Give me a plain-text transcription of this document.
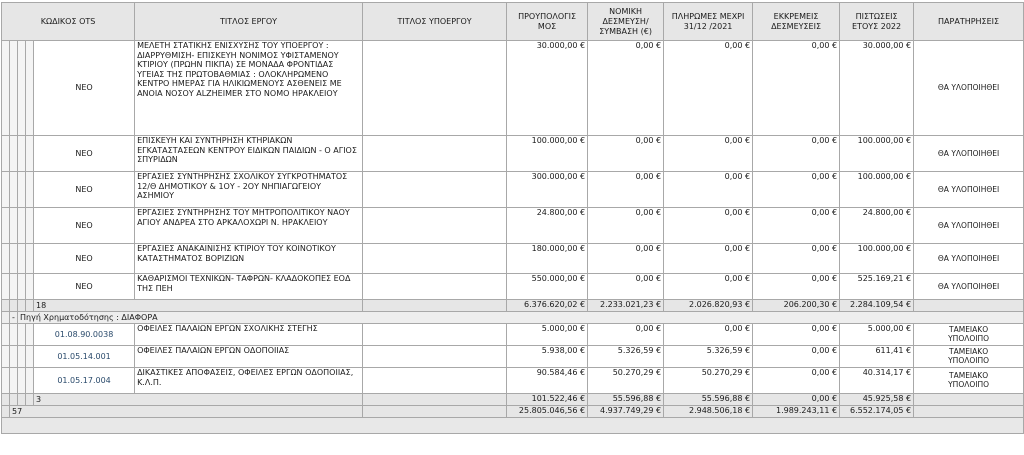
ΚΩΔΙΚΟΣ OTS					ΤΙΤΛΟΣ ΕΡΓΟΥ	ΤΙΤΛΟΣ ΥΠΟΕΡΓΟΥ	ΠΡΟΥΠΟΛΟΓΙΣ ΜΟΣ	ΝΟΜΙΚΗ ΔΕΣΜΕΥΣΗ/ ΣΥΜΒΑΣΗ (€)	ΠΛΗΡΩΜΕΣ ΜΕΧΡΙ 31/12 /2021	ΕΚΚΡΕΜΕΙΣ ΔΕΣΜΕΥΣΕΙΣ	ΠΙΣΤΩΣΕΙΣ ΕΤΟΥΣ 2022	ΠΑΡΑΤΗΡΗΣΕΙΣ
				ΝΕΟ	ΜΕΛΕΤΗ ΣΤΑΤΙΚΗΣ ΕΝΙΣΧΥΣΗΣ ΤΟΥ ΥΠΟΕΡΓΟΥ : ΔΙΑΡΡΥΘΜΙΣΗ- ΕΠΙΣΚΕΥΗ ΝΟΝΙΜΟΣ ΥΦΙΣΤΑΜΕΝΟΥ ΚΤΙΡΙΟΥ (ΠΡΩΗΝ ΠΙΚΠΑ) ΣΕ ΜΟΝΑΔΑ ΦΡΟΝΤΙΔΑΣ ΥΓΕΙΑΣ ΤΗΣ ΠΡΩΤΟΒΑΘΜΙΑΣ : ΟΛΟΚΛΗΡΩΜΕΝΟ ΚΕΝΤΡΟ ΗΜΕΡΑΣ ΓΙΑ ΗΛΙΚΙΩΜΕΝΟΥΣ ΑΣΘΕΝΕΙΣ ΜΕ ΑΝΟΙΑ ΝΟΣΟΥ ALZHEIMER ΣΤΟ ΝΟΜΟ ΗΡΑΚΛΕΙΟΥ		30.000,00 €	0,00 €	0,00 €	0,00 €	30.000,00 €	ΘΑ ΥΛΟΠΟΙΗΘΕΙ
				ΝΕΟ	ΕΠΙΣΚΕΥΗ ΚΑΙ ΣΥΝΤΗΡΗΣΗ ΚΤΗΡΙΑΚΩΝ ΕΓΚΑΤΑΣΤΑΣΕΩΝ ΚΕΝΤΡΟΥ ΕΙΔΙΚΩΝ ΠΑΙΔΙΩΝ - Ο ΑΓΙΟΣ ΣΠΥΡΙΔΩΝ		100.000,00 €	0,00 €	0,00 €	0,00 €	100.000,00 €	ΘΑ ΥΛΟΠΟΙΗΘΕΙ
				ΝΕΟ	ΕΡΓΑΣΙΕΣ ΣΥΝΤΗΡΗΣΗΣ ΣΧΟΛΙΚΟΥ ΣΥΓΚΡΟΤΗΜΑΤΟΣ 12/Θ ΔΗΜΟΤΙΚΟΥ & 1ΟΥ - 2ΟΥ ΝΗΠΙΑΓΩΓΕΙΟΥ ΑΣΗΜΙΟΥ		300.000,00 €	0,00 €	0,00 €	0,00 €	100.000,00 €	ΘΑ ΥΛΟΠΟΙΗΘΕΙ
				ΝΕΟ	ΕΡΓΑΣΙΕΣ ΣΥΝΤΗΡΗΣΗΣ ΤΟΥ ΜΗΤΡΟΠΟΛΙΤΙΚΟΥ ΝΑΟΥ ΑΓΙΟΥ ΑΝΔΡΕΑ ΣΤΟ ΑΡΚΑΛΟΧΩΡΙ Ν. ΗΡΑΚΛΕΙΟΥ		24.800,00 €	0,00 €	0,00 €	0,00 €	24.800,00 €	ΘΑ ΥΛΟΠΟΙΗΘΕΙ
				ΝΕΟ	ΕΡΓΑΣΙΕΣ ΑΝΑΚΑΙΝΙΣΗΣ ΚΤΙΡΙΟΥ ΤΟΥ ΚΟΙΝΟΤΙΚΟΥ ΚΑΤΑΣΤΗΜΑΤΟΣ ΒΟΡΙΖΙΩΝ		180.000,00 €	0,00 €	0,00 €	0,00 €	100.000,00 €	ΘΑ ΥΛΟΠΟΙΗΘΕΙ
				ΝΕΟ	ΚΑΘΑΡΙΣΜΟΙ ΤΕΧΝΙΚΩΝ- ΤΑΦΡΩΝ- ΚΛΑΔΟΚΟΠΕΣ ΕΟΔ ΤΗΣ ΠΕΗ		550.000,00 €	0,00 €	0,00 €	0,00 €	525.169,21 €	ΘΑ ΥΛΟΠΟΙΗΘΕΙ
				18			6.376.620,02 €	2.233.021,23 €	2.026.820,93 €	206.200,30 €	2.284.109,54 €	
	-	Πηγή Χρηματοδότησης : ΔΙΑΦΟΡΑ										
				01.08.90.0038	ΟΦΕΙΛΕΣ ΠΑΛΑΙΩΝ ΕΡΓΩΝ ΣΧΟΛΙΚΗΣ ΣΤΕΓΗΣ		5.000,00 €	0,00 €	0,00 €	0,00 €	5.000,00 €	ΤΑΜΕΙΑΚΟ
ΥΠΟΛΟΙΠΟ

				01.05.14.001	ΟΦΕΙΛΕΣ ΠΑΛΑΙΩΝ ΕΡΓΩΝ ΟΔΟΠΟΙΙΑΣ		5.938,00 €	5.326,59 €	5.326,59 €	0,00 €	611,41 €	ΤΑΜΕΙΑΚΟ
ΥΠΟΛΟΙΠΟ

				01.05.17.004	ΔΙΚΑΣΤΙΚΕΣ ΑΠΟΦΑΣΕΙΣ, ΟΦΕΙΛΕΣ ΕΡΓΩΝ ΟΔΟΠΟΙΙΑΣ, Κ.Λ.Π.		90.584,46 €	50.270,29 €	50.270,29 €	0,00 €	40.314,17 €	ΤΑΜΕΙΑΚΟ
ΥΠΟΛΟΙΠΟ

				3			101.522,46 €	55.596,88 €	55.596,88 €	0,00 €	45.925,58 €	
	57						25.805.046,56 €	4.937.749,29 €	2.948.506,18 €	1.989.243,11 €	6.552.174,05 €	
